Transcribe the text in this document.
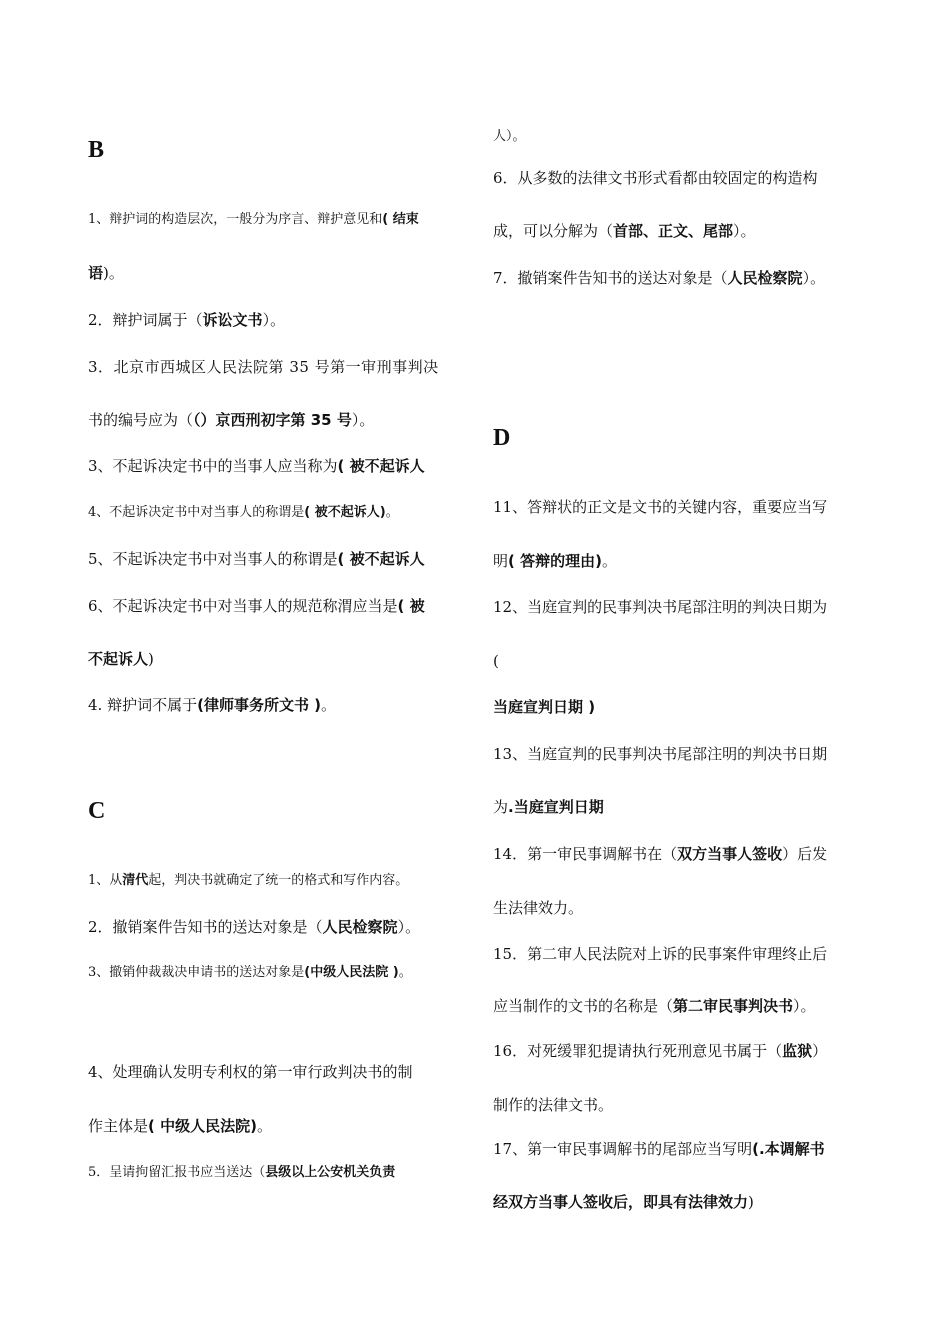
B
1、辩护词的构造层次，一般分为序言、辩护意见和( 结束
语)。
2．辩护词属于（诉讼文书）。
3．北京市西城区人民法院第 35 号第一审刑事判决
书的编号应为（（）京西刑初字第 35 号）。
3、不起诉决定书中的当事人应当称为( 被不起诉人
4、不起诉决定书中对当事人的称谓是( 被不起诉人)。
5、不起诉决定书中对当事人的称谓是( 被不起诉人
6、不起诉决定书中对当事人的规范称渭应当是( 被
不起诉人)
4. 辩护词不属于(律师事务所文书 )。
C
1、从清代起，判决书就确定了统一的格式和写作内容。
2．撤销案件告知书的送达对象是（人民检察院）。
3、撤销仲裁裁决申请书的送达对象是(中级人民法院 )。
4、处理确认发明专利权的第一审行政判决书的制
作主体是( 中级人民法院)。
5．呈请拘留汇报书应当送达（县级以上公安机关负责
人）。
6．从多数的法律文书形式看都由较固定的构造构
成，可以分解为（首部、正文、尾部）。
7．撤销案件告知书的送达对象是（人民检察院）。
D
11、答辩状的正文是文书的关键内容，重要应当写
明( 答辩的理由)。
12、当庭宣判的民事判决书尾部注明的判决日期为
(
当庭宣判日期 )
13、当庭宣判的民事判决书尾部注明的判决书日期
为.当庭宣判日期
14．第一审民事调解书在（双方当事人签收）后发
生法律效力。
15．第二审人民法院对上诉的民事案件审理终止后
应当制作的文书的名称是（第二审民事判决书）。
16．对死缓罪犯提请执行死刑意见书属于（监狱）
制作的法律文书。
17、第一审民事调解书的尾部应当写明(.本调解书
经双方当事人签收后，即具有法律效力)
